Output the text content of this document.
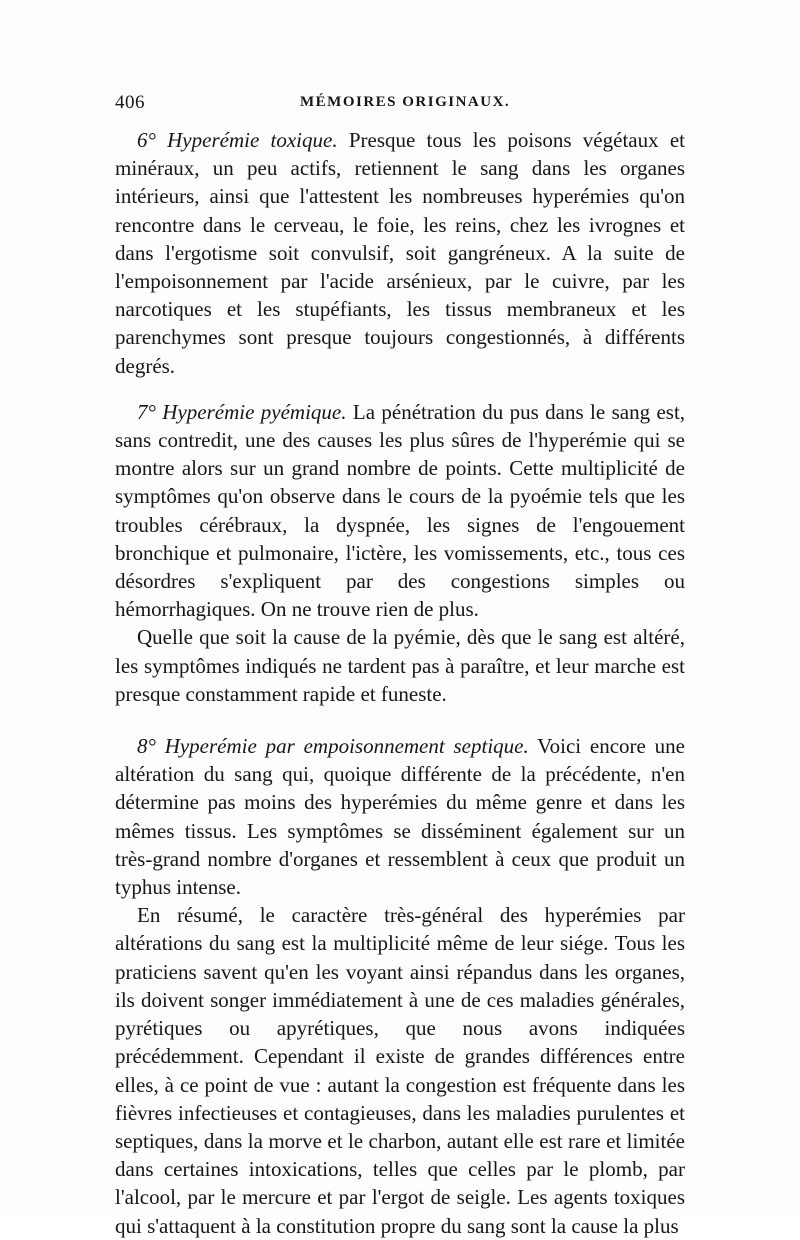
406	MÉMOIRES ORIGINAUX.

6° Hyperémie toxique. Presque tous les poisons végétaux et minéraux, un peu actifs, retiennent le sang dans les organes intérieurs, ainsi que l'attestent les nombreuses hyperémies qu'on rencontre dans le cerveau, le foie, les reins, chez les ivrognes et dans l'ergotisme soit convulsif, soit gangréneux. A la suite de l'empoisonnement par l'acide arsénieux, par le cuivre, par les narcotiques et les stupéfiants, les tissus membraneux et les parenchymes sont presque toujours congestionnés, à différents degrés.

7° Hyperémie pyémique. La pénétration du pus dans le sang est, sans contredit, une des causes les plus sûres de l'hyperémie qui se montre alors sur un grand nombre de points. Cette multiplicité de symptômes qu'on observe dans le cours de la pyoémie tels que les troubles cérébraux, la dyspnée, les signes de l'engouement bronchique et pulmonaire, l'ictère, les vomissements, etc., tous ces désordres s'expliquent par des congestions simples ou hémorrhagiques. On ne trouve rien de plus.

Quelle que soit la cause de la pyémie, dès que le sang est altéré, les symptômes indiqués ne tardent pas à paraître, et leur marche est presque constamment rapide et funeste.

8° Hyperémie par empoisonnement septique. Voici encore une altération du sang qui, quoique différente de la précédente, n'en détermine pas moins des hyperémies du même genre et dans les mêmes tissus. Les symptômes se disséminent également sur un très-grand nombre d'organes et ressemblent à ceux que produit un typhus intense.

En résumé, le caractère très-général des hyperémies par altérations du sang est la multiplicité même de leur siége. Tous les praticiens savent qu'en les voyant ainsi répandus dans les organes, ils doivent songer immédiatement à une de ces maladies générales, pyrétiques ou apyrétiques, que nous avons indiquées précédemment. Cependant il existe de grandes différences entre elles, à ce point de vue : autant la congestion est fréquente dans les fièvres infectieuses et contagieuses, dans les maladies purulentes et septiques, dans la morve et le charbon, autant elle est rare et limitée dans certaines intoxications, telles que celles par le plomb, par l'alcool, par le mercure et par l'ergot de seigle. Les agents toxiques qui s'attaquent à la constitution propre du sang sont la cause la plus
